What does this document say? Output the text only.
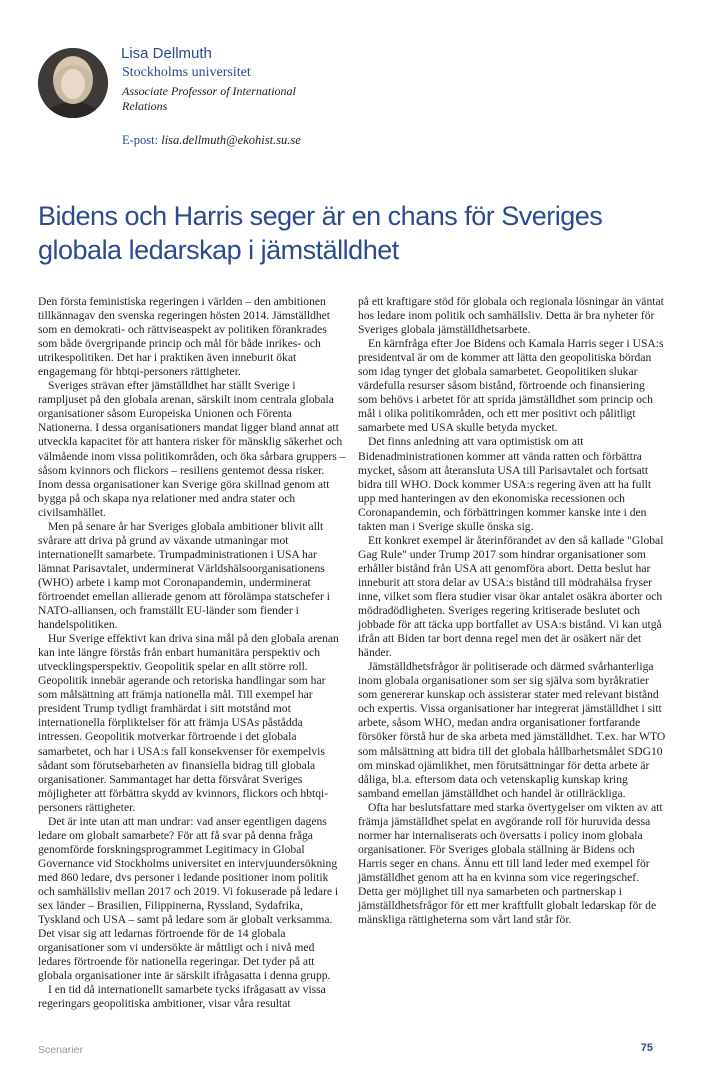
Lisa Dellmuth
Stockholms universitet
Associate Professor of International Relations
E-post: lisa.dellmuth@ekohist.su.se
Bidens och Harris seger är en chans för Sveriges globala ledarskap i jämställdhet

Den första feministiska regeringen i världen – den ambitionen tillkännagav den svenska regeringen hösten 2014. Jämställdhet som en demokrati- och rättviseaspekt av politiken förankrades som både övergripande princip och mål för både inrikes- och utrikespolitiken. Det har i praktiken även inneburit ökat engagemang för hbtqi-personers rättigheter.

Sveriges strävan efter jämställdhet har ställt Sverige i rampljuset på den globala arenan, särskilt inom centrala globala organisationer såsom Europeiska Unionen och Förenta Nationerna. I dessa organisationers mandat ligger bland annat att utveckla kapacitet för att hantera risker för mänsklig säkerhet och välmående inom vissa politikområden, och öka sårbara gruppers – såsom kvinnors och flickors – resiliens gentemot dessa risker. Inom dessa organisationer kan Sverige göra skillnad genom att bygga på och skapa nya relationer med andra stater och civilsamhället.

Men på senare år har Sveriges globala ambitioner blivit allt svårare att driva på grund av växande utmaningar mot internationellt samarbete. Trumpadministrationen i USA har lämnat Parisavtalet, underminerat Världshälsoorganisationens (WHO) arbete i kamp mot Coronapandemin, underminerat förtroendet emellan allierade genom att förolämpa statschefer i NATO-alliansen, och framställt EU-länder som fiender i handelspolitiken.

Hur Sverige effektivt kan driva sina mål på den globala arenan kan inte längre förstås från enbart humanitära perspektiv och utvecklingsperspektiv. Geopolitik spelar en allt större roll. Geopolitik innebär agerande och retoriska handlingar som har som målsättning att främja nationella mål. Till exempel har president Trump tydligt framhärdat i sitt motstånd mot internationella förpliktelser för att främja USAs påstådda intressen. Geopolitik motverkar förtroende i det globala samarbetet, och har i USA:s fall konsekvenser för exempelvis sådant som förutsebarheten av finansiella bidrag till globala organisationer. Sammantaget har detta försvårat Sveriges möjligheter att förbättra skydd av kvinnors, flickors och hbtqi-personers rättigheter.

Det är inte utan att man undrar: vad anser egentligen dagens ledare om globalt samarbete? För att få svar på denna fråga genomförde forskningsprogrammet Legitimacy in Global Governance vid Stockholms universitet en intervjuundersökning med 860 ledare, dvs personer i ledande positioner inom politik och samhällsliv mellan 2017 och 2019. Vi fokuserade på ledare i sex länder – Brasilien, Filippinerna, Ryssland, Sydafrika, Tyskland och USA – samt på ledare som är globalt verksamma. Det visar sig att ledarnas förtroende för de 14 globala organisationer som vi undersökte är måttligt och i nivå med ledares förtroende för nationella regeringar. Det tyder på att globala organisationer inte är särskilt ifrågasatta i denna grupp.

I en tid då internationellt samarbete tycks ifrågasatt av vissa regeringars geopolitiska ambitioner, visar våra resultat

på ett kraftigare stöd för globala och regionala lösningar än väntat hos ledare inom politik och samhällsliv. Detta är bra nyheter för Sveriges globala jämställdhetsarbete.

En kärnfråga efter Joe Bidens och Kamala Harris seger i USA:s presidentval är om de kommer att lätta den geopolitiska bördan som idag tynger det globala samarbetet. Geopolitiken slukar värdefulla resurser såsom bistånd, förtroende och finansiering som behövs i arbetet för att sprida jämställdhet som princip och mål i olika politikområden, och ett mer positivt och pålitligt samarbete med USA skulle betyda mycket.

Det finns anledning att vara optimistisk om att Bidenadministrationen kommer att vända ratten och förbättra mycket, såsom att återansluta USA till Parisavtalet och fortsatt bidra till WHO. Dock kommer USA:s regering även att ha fullt upp med hanteringen av den ekonomiska recessionen och Coronapandemin, och förbättringen kommer kanske inte i den takten man i Sverige skulle önska sig.

Ett konkret exempel är återinförandet av den så kallade "Global Gag Rule" under Trump 2017 som hindrar organisationer som erhåller bistånd från USA att genomföra abort. Detta beslut har inneburit att stora delar av USA:s bistånd till mödrahälsa fryser inne, vilket som flera studier visar ökar antalet osäkra aborter och mödradödligheten. Sveriges regering kritiserade beslutet och jobbade för att täcka upp bortfallet av USA:s bistånd. Vi kan utgå ifrån att Biden tar bort denna regel men det är osäkert när det händer.

Jämställdhetsfrågor är politiserade och därmed svårhanterliga inom globala organisationer som ser sig själva som byråkratier som genererar kunskap och assisterar stater med relevant bistånd och expertis. Vissa organisationer har integrerat jämställdhet i sitt arbete, såsom WHO, medan andra organisationer fortfarande försöker förstå hur de ska arbeta med jämställdhet. T.ex. har WTO som målsättning att bidra till det globala hållbarhetsmålet SDG10 om minskad ojämlikhet, men förutsättningar för detta arbete är dåliga, bl.a. eftersom data och vetenskaplig kunskap kring samband emellan jämställdhet och handel är otillräckliga.

Ofta har beslutsfattare med starka övertygelser om vikten av att främja jämställdhet spelat en avgörande roll för huruvida dessa normer har internaliserats och översatts i policy inom globala organisationer. För Sveriges globala ställning är Bidens och Harris seger en chans. Ännu ett till land leder med exempel för jämställdhet genom att ha en kvinna som vice regeringschef. Detta ger möjlighet till nya samarbeten och partnerskap i jämställdhetsfrågor för ett mer kraftfullt globalt ledarskap för de mänskliga rättigheterna som vårt land står för.

Scenarier	75
